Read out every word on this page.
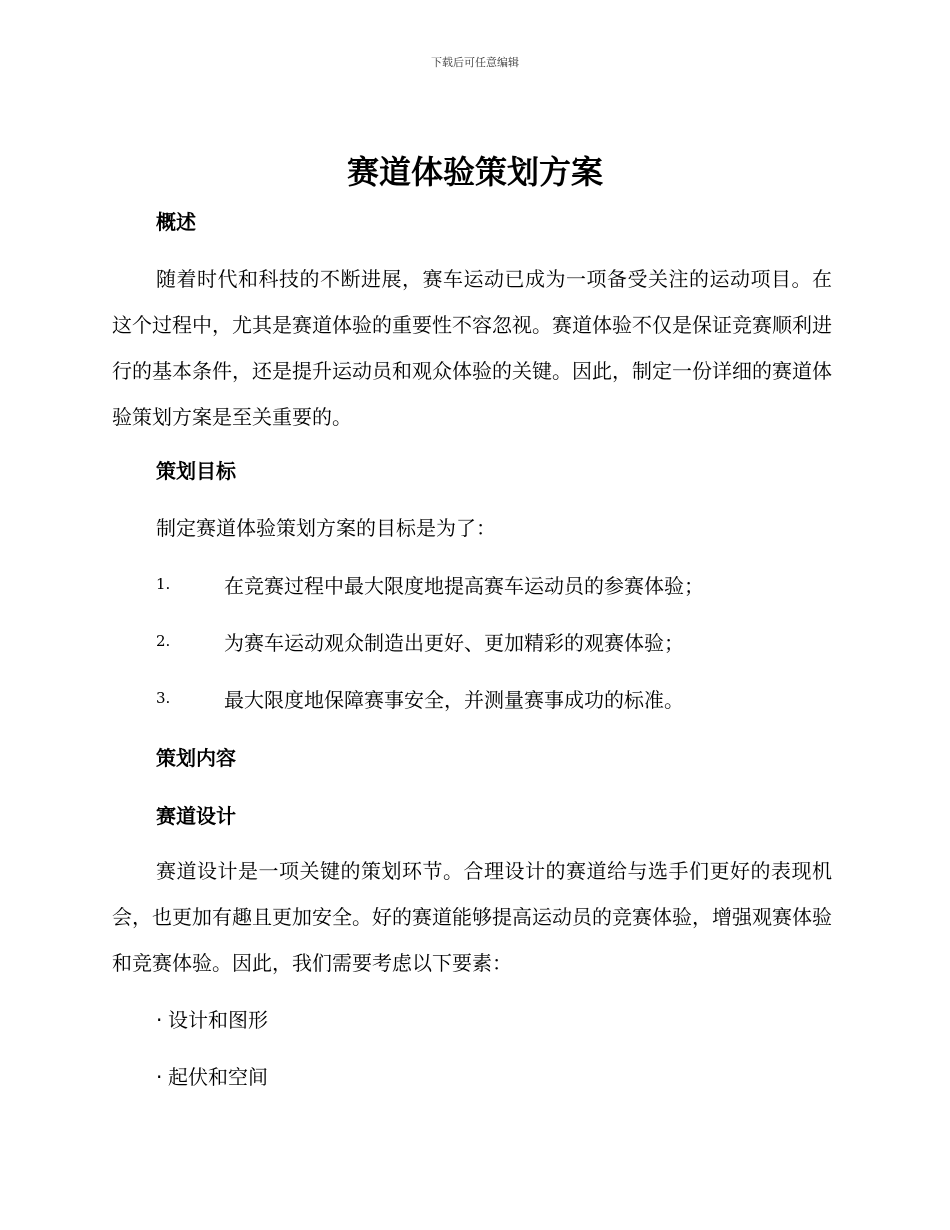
下载后可任意编辑
赛道体验策划方案
概述

随着时代和科技的不断进展，赛车运动已成为一项备受关注的运动项目。在这个过程中，尤其是赛道体验的重要性不容忽视。赛道体验不仅是保证竞赛顺利进行的基本条件，还是提升运动员和观众体验的关键。因此，制定一份详细的赛道体验策划方案是至关重要的。

策划目标

制定赛道体验策划方案的目标是为了：

1.	在竞赛过程中最大限度地提高赛车运动员的参赛体验；
2.	为赛车运动观众制造出更好、更加精彩的观赛体验；
3.	最大限度地保障赛事安全，并测量赛事成功的标准。
策划内容
赛道设计

赛道设计是一项关键的策划环节。合理设计的赛道给与选手们更好的表现机会，也更加有趣且更加安全。好的赛道能够提高运动员的竞赛体验，增强观赛体验和竞赛体验。因此，我们需要考虑以下要素：

· 设计和图形
· 起伏和空间
